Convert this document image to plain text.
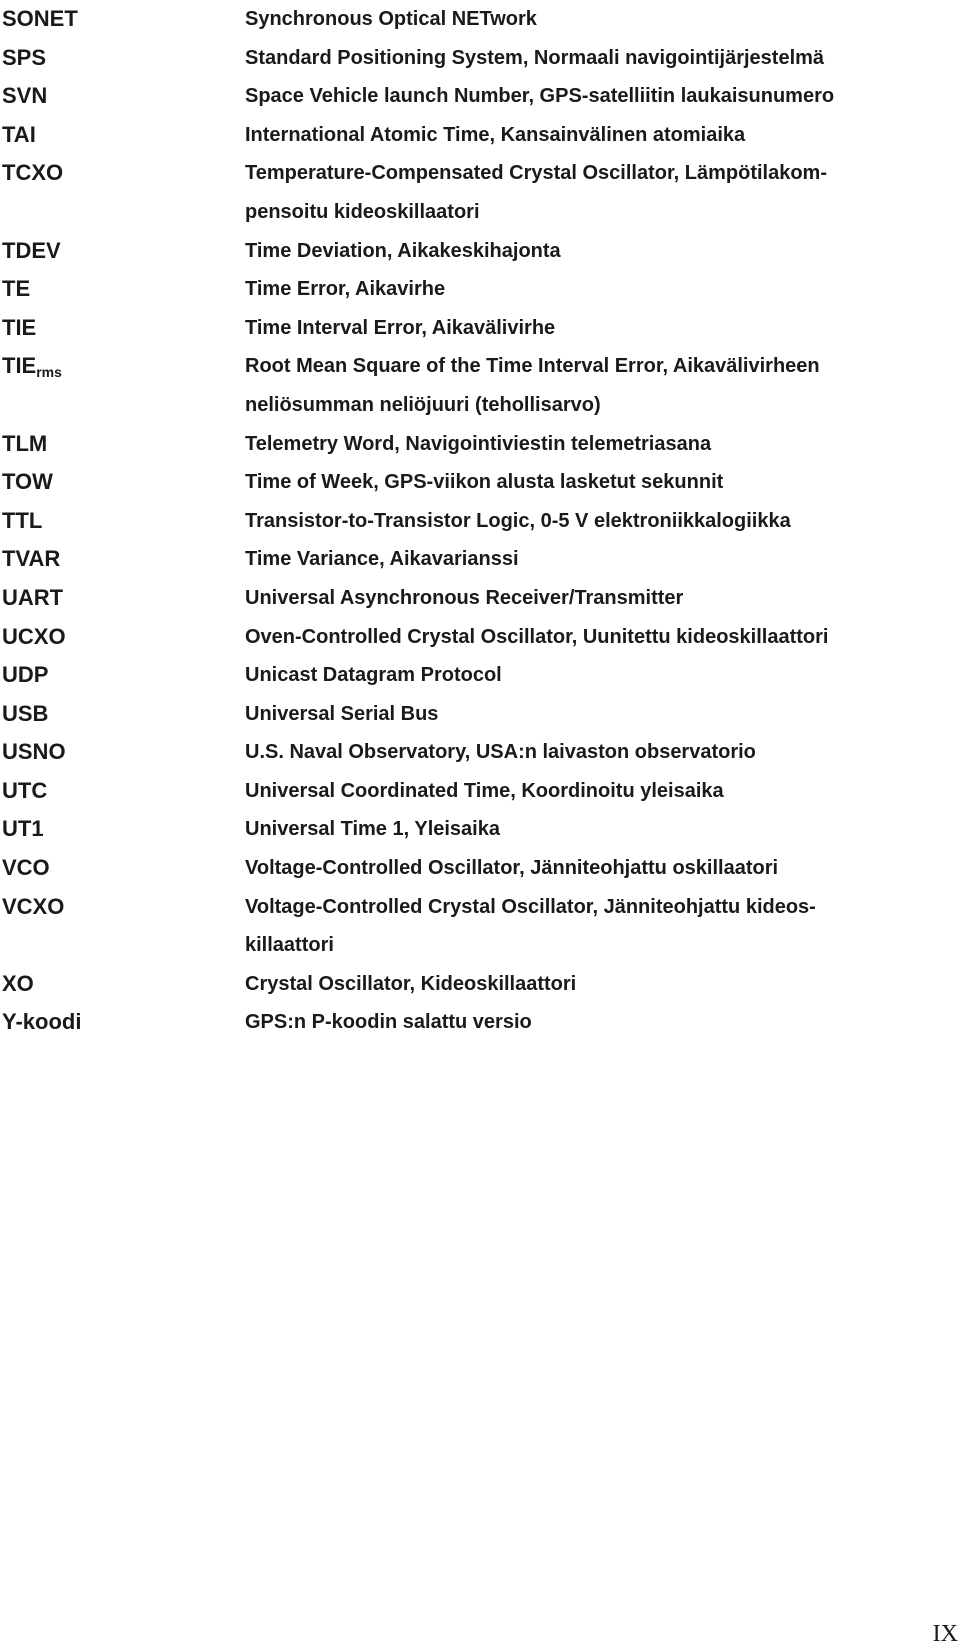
SONET	Synchronous Optical NETwork
SPS	Standard Positioning System, Normaali navigointijärjestelmä
SVN	Space Vehicle launch Number, GPS-satelliitin laukaisunumero
TAI	International Atomic Time, Kansainvälinen atomiaika
TCXO	Temperature-Compensated Crystal Oscillator, Lämpötilakom-
pensoitu kideoskillaatori
TDEV	Time Deviation, Aikakeskihajonta
TE	Time Error, Aikavirhe
TIE	Time Interval Error, Aikavälivirhe
$TIE_{rms}$	Root Mean Square of the Time Interval Error, Aikavälivirheen
neliösumman neliöjuuri (tehollisarvo)
TLM	Telemetry Word, Navigointiviestin telemetriasana
TOW	Time of Week, GPS-viikon alusta lasketut sekunnit
TTL	Transistor-to-Transistor Logic, 0-5 V elektroniikkalogiikka
TVAR	Time Variance, Aikavarianssi
UART	Universal Asynchronous Receiver/Transmitter
UCXO	Oven-Controlled Crystal Oscillator, Uunitettu kideoskillaattori
UDP	Unicast Datagram Protocol
USB	Universal Serial Bus
USNO	U.S. Naval Observatory, USA:n laivaston observatorio
UTC	Universal Coordinated Time, Koordinoitu yleisaika
UT1	Universal Time 1, Yleisaika
VCO	Voltage-Controlled Oscillator, Jänniteohjattu oskillaatori
VCXO	Voltage-Controlled Crystal Oscillator, Jänniteohjattu kideos-
killaattori
XO	Crystal Oscillator, Kideoskillaattori
Y-koodi	GPS:n P-koodin salattu versio
IX
